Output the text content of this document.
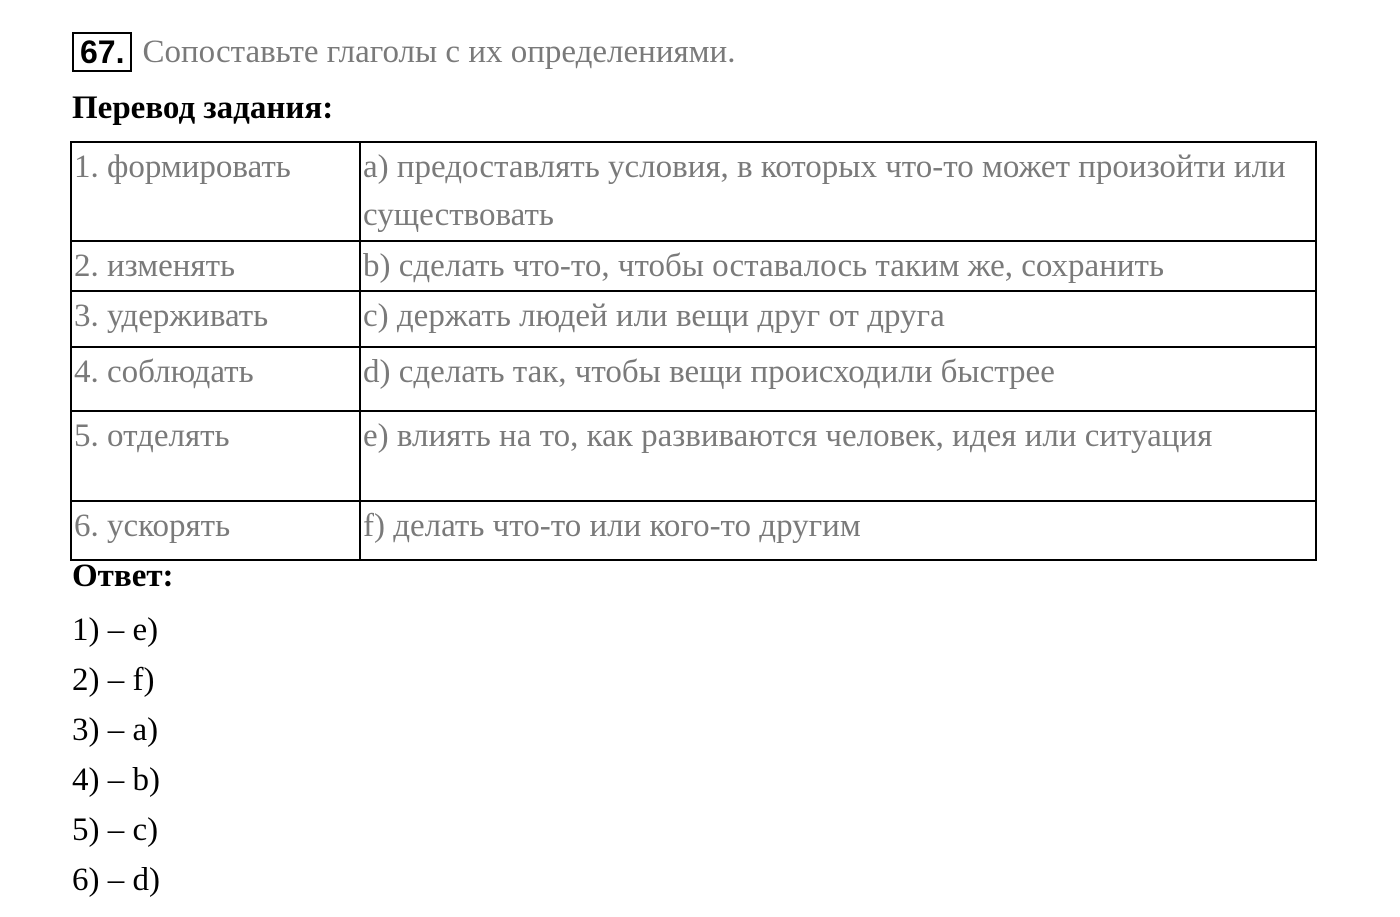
67. Сопоставьте глаголы с их определениями.
Перевод задания:
1. формировать	a) предоставлять условия, в которых что-то может произойти или существовать
2. изменять	b) сделать что-то, чтобы оставалось таким же, сохранить
3. удерживать	c) держать людей или вещи друг от друга
4. соблюдать	d) сделать так, чтобы вещи происходили быстрее
5. отделять	e) влиять на то, как развиваются человек, идея или ситуация
6. ускорять	f) делать что-то или кого-то другим
Ответ:
1) – e)
2) – f)
3) – a)
4) – b)
5) – c)
6) – d)
